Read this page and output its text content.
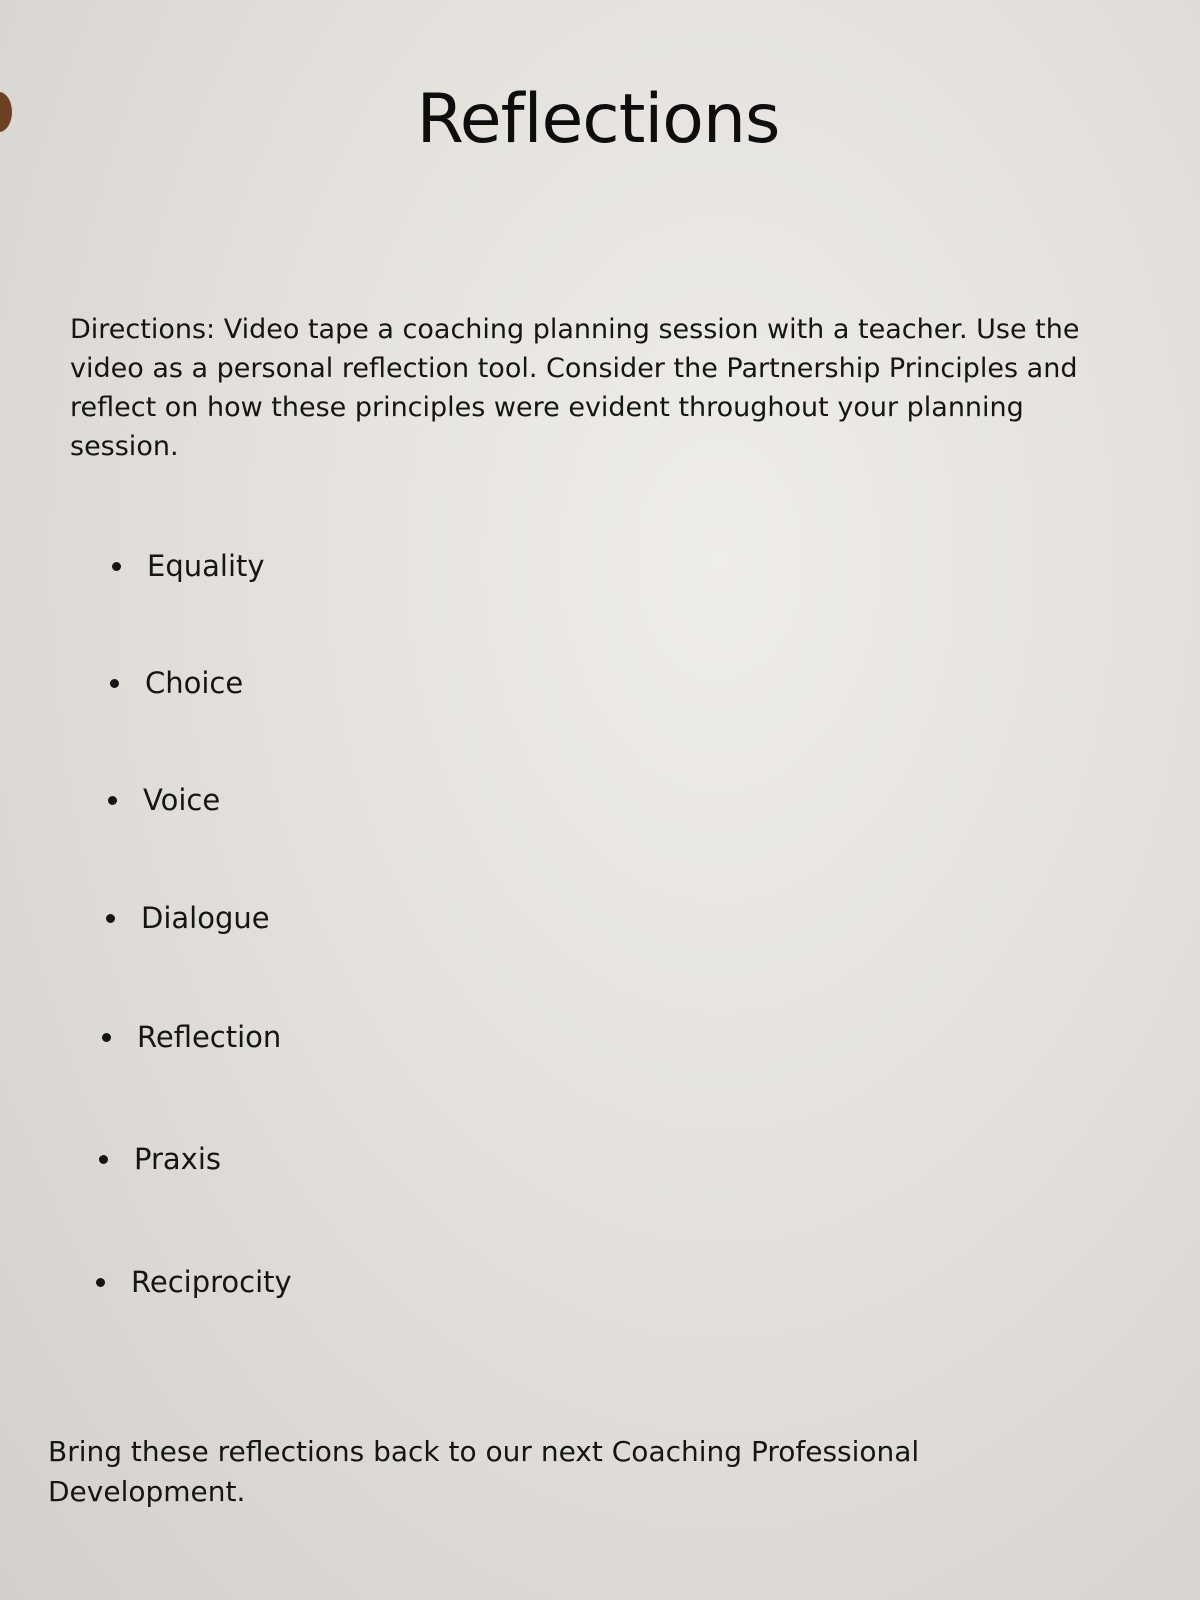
Reflections

Directions: Video tape a coaching planning session with a teacher. Use the video as a personal reflection tool. Consider the Partnership Principles and reflect on how these principles were evident throughout your planning session.

Equality
Choice
Voice
Dialogue
Reflection
Praxis
Reciprocity

Bring these reflections back to our next Coaching Professional Development.
